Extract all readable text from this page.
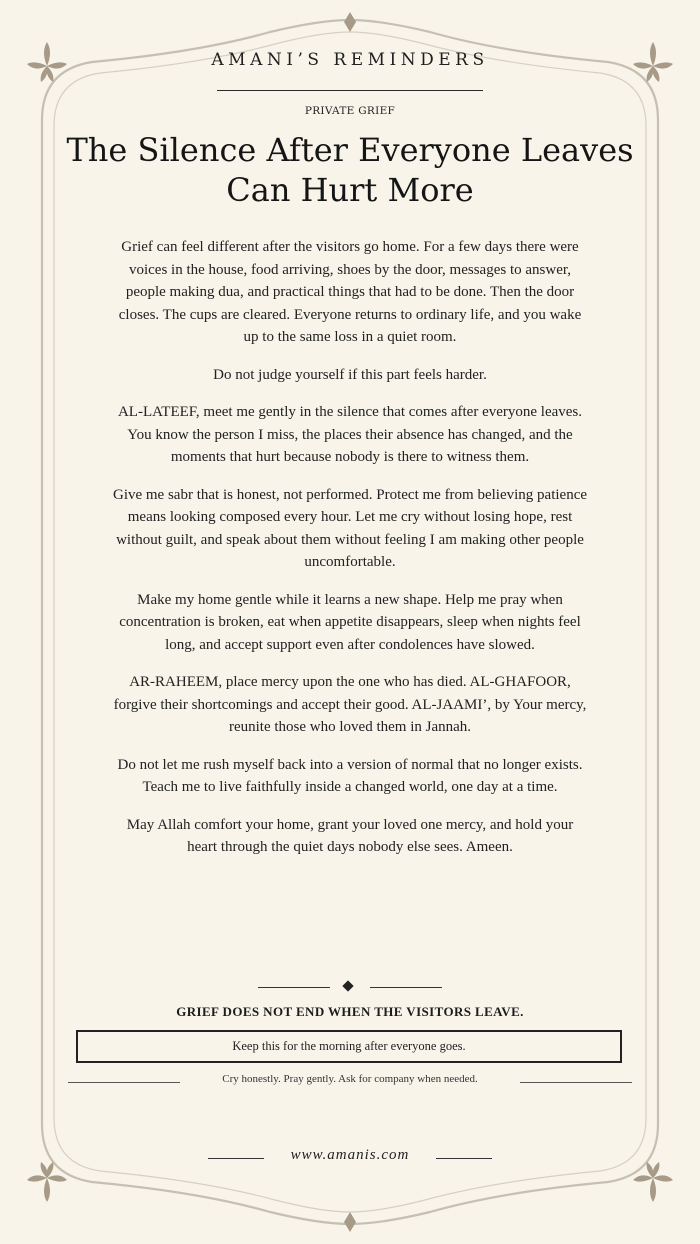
AMANI’S REMINDERS
PRIVATE GRIEF
The Silence After Everyone Leaves
Can Hurt More

Grief can feel different after the visitors go home. For a few days there were voices in the house, food arriving, shoes by the door, messages to answer, people making dua, and practical things that had to be done. Then the door closes. The cups are cleared. Everyone returns to ordinary life, and you wake up to the same loss in a quiet room.

Do not judge yourself if this part feels harder.

AL-LATEEF, meet me gently in the silence that comes after everyone leaves. You know the person I miss, the places their absence has changed, and the moments that hurt because nobody is there to witness them.

Give me sabr that is honest, not performed. Protect me from believing patience means looking composed every hour. Let me cry without losing hope, rest without guilt, and speak about them without feeling I am making other people uncomfortable.

Make my home gentle while it learns a new shape. Help me pray when concentration is broken, eat when appetite disappears, sleep when nights feel long, and accept support even after condolences have slowed.

AR-RAHEEM, place mercy upon the one who has died. AL-GHAFOOR, forgive their shortcomings and accept their good. AL-JAAMI’, by Your mercy, reunite those who loved them in Jannah.

Do not let me rush myself back into a version of normal that no longer exists. Teach me to live faithfully inside a changed world, one day at a time.

May Allah comfort your home, grant your loved one mercy, and hold your heart through the quiet days nobody else sees. Ameen.

GRIEF DOES NOT END WHEN THE VISITORS LEAVE.
Keep this for the morning after everyone goes.
Cry honestly. Pray gently. Ask for company when needed.
www.amanis.com
